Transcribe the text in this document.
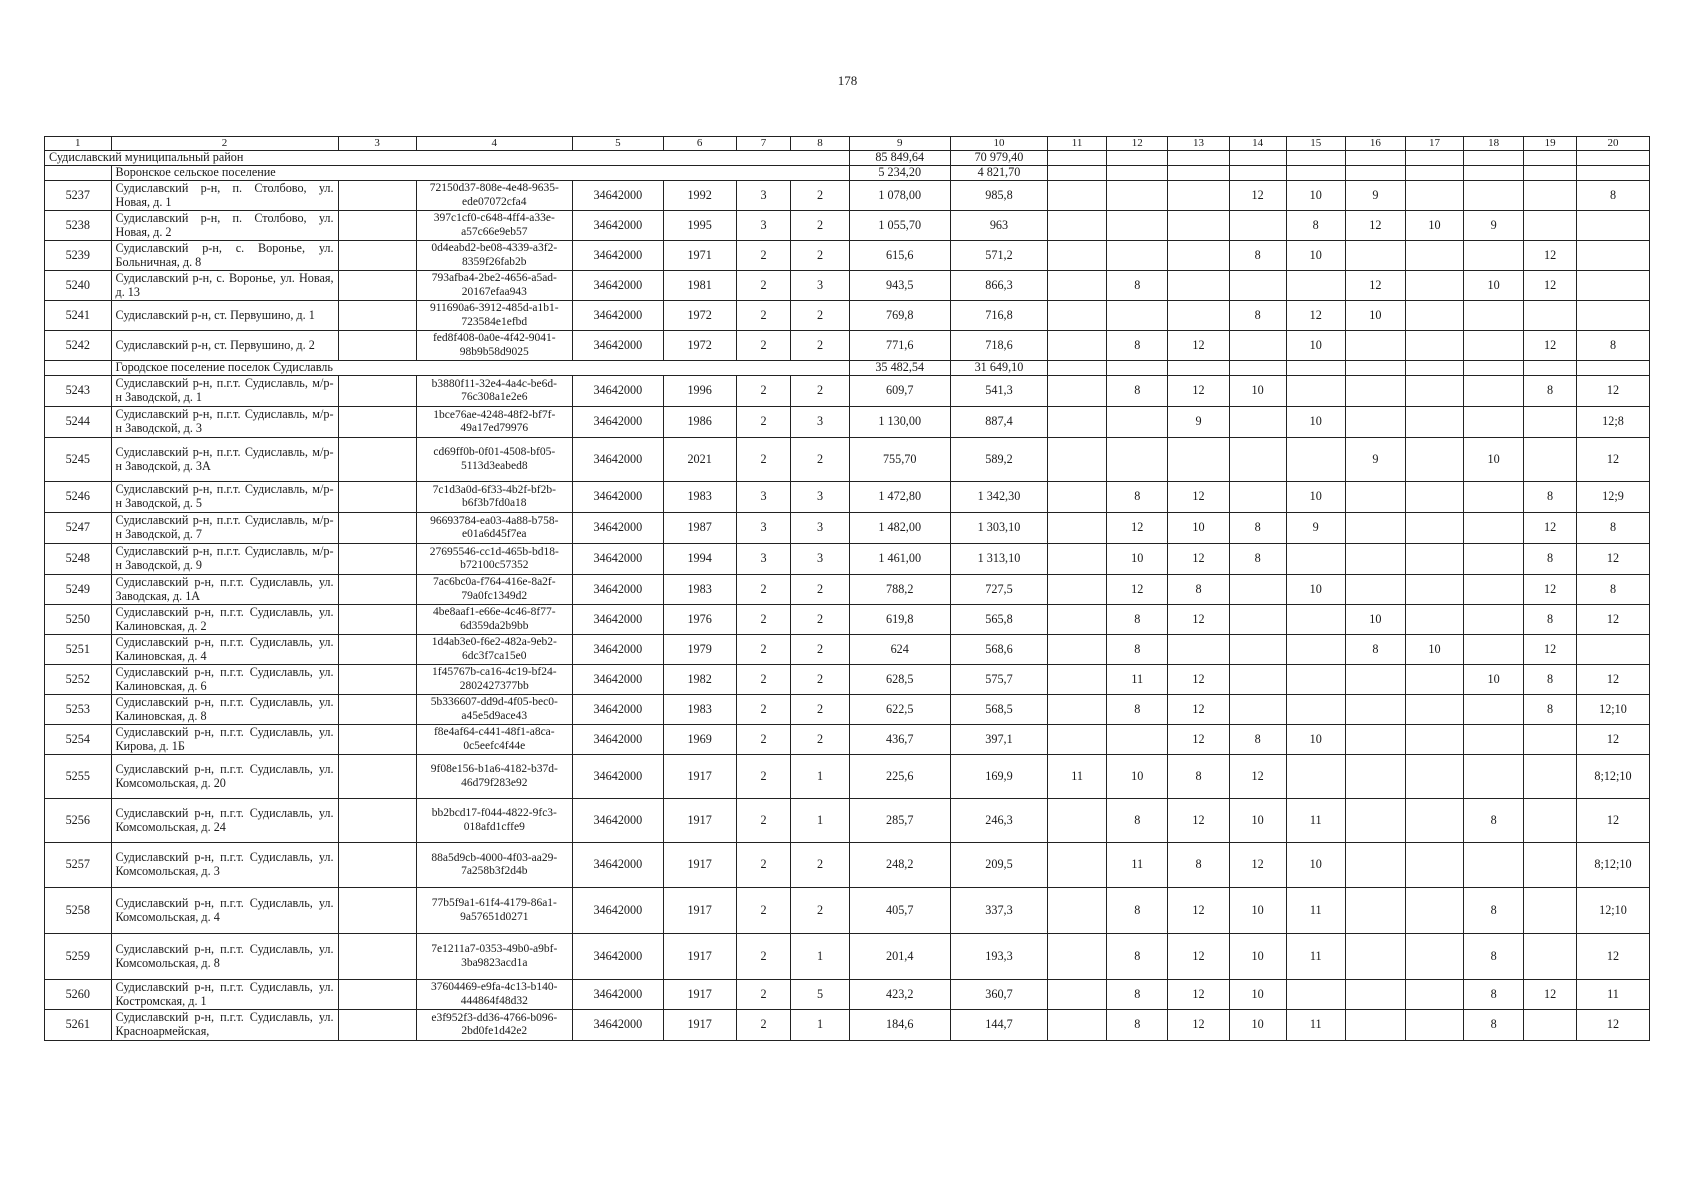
178
1	2	3	4	5	6	7	8	9	10	11	12	13	14	15	16	17	18	19	20
Судиславский муниципальный район								85 849,64	70 979,40										
	Воронское сельское поселение							5 234,20	4 821,70										
5237	Судиславский р-н, п. Столбово, ул. Новая, д. 1		72150d37-808e-4e48-9635-ede07072cfa4	34642000	1992	3	2	1 078,00	985,8				12	10	9				8
5238	Судиславский р-н, п. Столбово, ул. Новая, д. 2		397c1cf0-c648-4ff4-a33e-a57c66e9eb57	34642000	1995	3	2	1 055,70	963					8	12	10	9		
5239	Судиславский р-н, с. Воронье, ул. Больничная, д. 8		0d4eabd2-be08-4339-a3f2-8359f26fab2b	34642000	1971	2	2	615,6	571,2				8	10				12	
5240	Судиславский р-н, с. Воронье, ул. Новая, д. 13		793afba4-2be2-4656-a5ad-20167efaa943	34642000	1981	2	3	943,5	866,3		8				12		10	12	
5241	Судиславский р-н, ст. Первушино, д. 1		911690a6-3912-485d-a1b1-723584e1efbd	34642000	1972	2	2	769,8	716,8				8	12	10				
5242	Судиславский р-н, ст. Первушино, д. 2		fed8f408-0a0e-4f42-9041-98b9b58d9025	34642000	1972	2	2	771,6	718,6		8	12		10				12	8
	Городское поселение поселок Судиславль							35 482,54	31 649,10										
5243	Судиславский р-н, п.г.т. Судиславль, м/р-н Заводской, д. 1		b3880f11-32e4-4a4c-be6d-76c308a1e2e6	34642000	1996	2	2	609,7	541,3		8	12	10					8	12
5244	Судиславский р-н, п.г.т. Судиславль, м/р-н Заводской, д. 3		1bce76ae-4248-48f2-bf7f-49a17ed79976	34642000	1986	2	3	1 130,00	887,4			9		10					12;8
5245	Судиславский р-н, п.г.т. Судиславль, м/р-н Заводской, д. 3А		cd69ff0b-0f01-4508-bf05-5113d3eabed8	34642000	2021	2	2	755,70	589,2						9		10		12
5246	Судиславский р-н, п.г.т. Судиславль, м/р-н Заводской, д. 5		7c1d3a0d-6f33-4b2f-bf2b-b6f3b7fd0a18	34642000	1983	3	3	1 472,80	1 342,30		8	12		10				8	12;9
5247	Судиславский р-н, п.г.т. Судиславль, м/р-н Заводской, д. 7		96693784-ea03-4a88-b758-e01a6d45f7ea	34642000	1987	3	3	1 482,00	1 303,10		12	10	8	9				12	8
5248	Судиславский р-н, п.г.т. Судиславль, м/р-н Заводской, д. 9		27695546-cc1d-465b-bd18-b72100c57352	34642000	1994	3	3	1 461,00	1 313,10		10	12	8					8	12
5249	Судиславский р-н, п.г.т. Судиславль, ул. Заводская, д. 1А		7ac6bc0a-f764-416e-8a2f-79a0fc1349d2	34642000	1983	2	2	788,2	727,5		12	8		10				12	8
5250	Судиславский р-н, п.г.т. Судиславль, ул. Калиновская, д. 2		4be8aaf1-e66e-4c46-8f77-6d359da2b9bb	34642000	1976	2	2	619,8	565,8		8	12			10			8	12
5251	Судиславский р-н, п.г.т. Судиславль, ул. Калиновская, д. 4		1d4ab3e0-f6e2-482a-9eb2-6dc3f7ca15e0	34642000	1979	2	2	624	568,6		8				8	10		12	
5252	Судиславский р-н, п.г.т. Судиславль, ул. Калиновская, д. 6		1f45767b-ca16-4c19-bf24-2802427377bb	34642000	1982	2	2	628,5	575,7		11	12					10	8	12
5253	Судиславский р-н, п.г.т. Судиславль, ул. Калиновская, д. 8		5b336607-dd9d-4f05-bec0-a45e5d9ace43	34642000	1983	2	2	622,5	568,5		8	12						8	12;10
5254	Судиславский р-н, п.г.т. Судиславль, ул. Кирова, д. 1Б		f8e4af64-c441-48f1-a8ca-0c5eefc4f44e	34642000	1969	2	2	436,7	397,1			12	8	10					12
5255	Судиславский р-н, п.г.т. Судиславль, ул. Комсомольская, д. 20		9f08e156-b1a6-4182-b37d-46d79f283e92	34642000	1917	2	1	225,6	169,9	11	10	8	12						8;12;10
5256	Судиславский р-н, п.г.т. Судиславль, ул. Комсомольская, д. 24		bb2bcd17-f044-4822-9fc3-018afd1cffe9	34642000	1917	2	1	285,7	246,3		8	12	10	11			8		12
5257	Судиславский р-н, п.г.т. Судиславль, ул. Комсомольская, д. 3		88a5d9cb-4000-4f03-aa29-7a258b3f2d4b	34642000	1917	2	2	248,2	209,5		11	8	12	10					8;12;10
5258	Судиславский р-н, п.г.т. Судиславль, ул. Комсомольская, д. 4		77b5f9a1-61f4-4179-86a1-9a57651d0271	34642000	1917	2	2	405,7	337,3		8	12	10	11			8		12;10
5259	Судиславский р-н, п.г.т. Судиславль, ул. Комсомольская, д. 8		7e1211a7-0353-49b0-a9bf-3ba9823acd1a	34642000	1917	2	1	201,4	193,3		8	12	10	11			8		12
5260	Судиславский р-н, п.г.т. Судиславль, ул. Костромская, д. 1		37604469-e9fa-4c13-b140-444864f48d32	34642000	1917	2	5	423,2	360,7		8	12	10				8	12	11
5261	Судиславский р-н, п.г.т. Судиславль, ул. Красноармейская,		e3f952f3-dd36-4766-b096-2bd0fe1d42e2	34642000	1917	2	1	184,6	144,7		8	12	10	11			8		12
